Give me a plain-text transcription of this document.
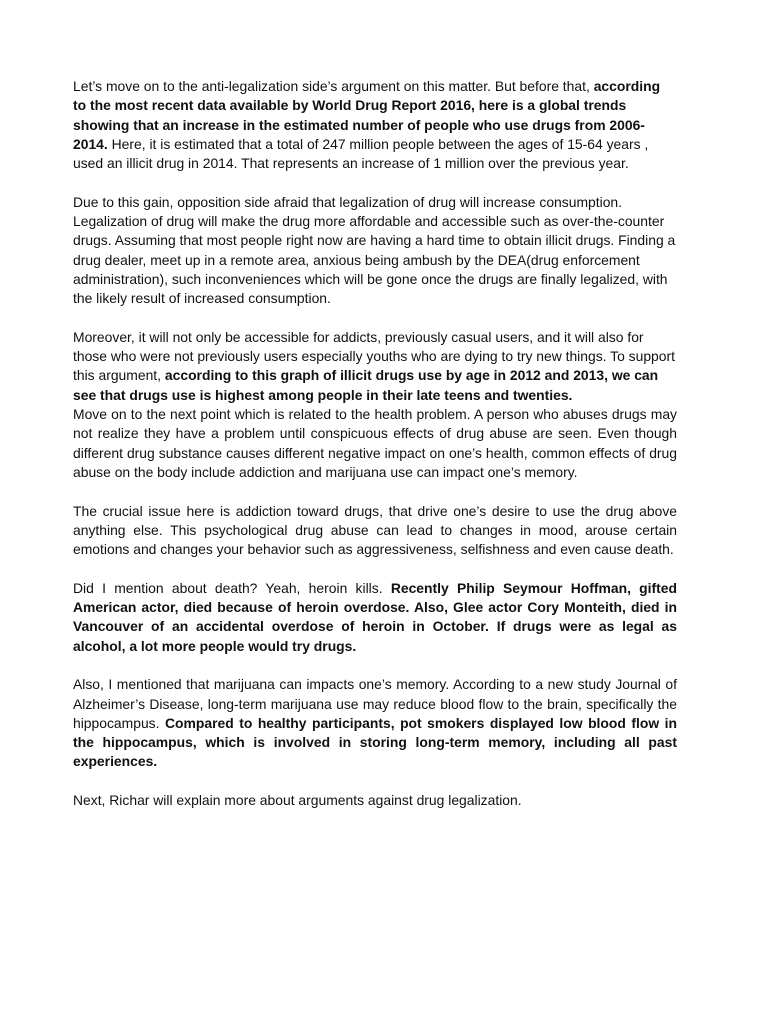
Let’s move on to the anti-legalization side’s argument on this matter. But before that, according to the most recent data available by World Drug Report 2016, here is a global trends showing that an increase in the estimated number of people who use drugs from 2006-2014. Here, it is estimated that a total of 247 million people between the ages of 15-64 years , used an illicit drug in 2014. That represents an increase of 1 million over the previous year.

Due to this gain, opposition side afraid that legalization of drug will increase consumption. Legalization of drug will make the drug more affordable and accessible such as over-the-counter drugs. Assuming that most people right now are having a hard time to obtain illicit drugs. Finding a drug dealer, meet up in a remote area, anxious being ambush by the DEA(drug enforcement administration), such inconveniences which will be gone once the drugs are finally legalized, with the likely result of increased consumption.

Moreover, it will not only be accessible for addicts, previously casual users, and it will also for those who were not previously users especially youths who are dying to try new things. To support this argument, according to this graph of illicit drugs use by age in 2012 and 2013, we can see that drugs use is highest among people in their late teens and twenties.

Move on to the next point which is related to the health problem. A person who abuses drugs may not realize they have a problem until conspicuous effects of drug abuse are seen. Even though different drug substance causes different negative impact on one’s health, common effects of drug abuse on the body include addiction and marijuana use can impact one’s memory.

The crucial issue here is addiction toward drugs, that drive one’s desire to use the drug above anything else. This psychological drug abuse can lead to changes in mood, arouse certain emotions and changes your behavior such as aggressiveness, selfishness and even cause death.

Did I mention about death? Yeah, heroin kills. Recently Philip Seymour Hoffman, gifted American actor, died because of heroin overdose. Also, Glee actor Cory Monteith, died in Vancouver of an accidental overdose of heroin in October. If drugs were as legal as alcohol, a lot more people would try drugs.

Also, I mentioned that marijuana can impacts one’s memory. According to a new study Journal of Alzheimer’s Disease, long-term marijuana use may reduce blood flow to the brain, specifically the hippocampus. Compared to healthy participants, pot smokers displayed low blood flow in the hippocampus, which is involved in storing long-term memory, including all past experiences.

Next, Richar will explain more about arguments against drug legalization.
